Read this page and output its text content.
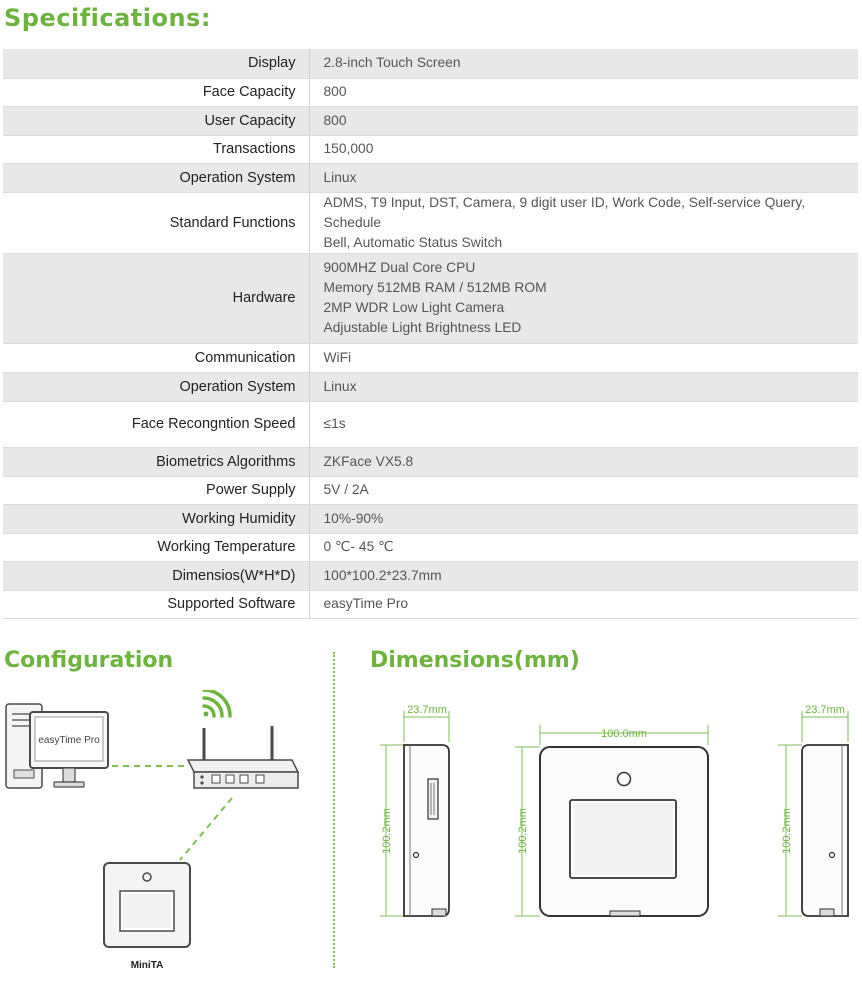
Specifications:
Display	2.8-inch Touch Screen

Face Capacity	800

User Capacity	800

Transactions	150,000

Operation System	Linux

Standard Functions	ADMS, T9 Input, DST, Camera, 9 digit user ID, Work Code, Self-service Query, Schedule
Bell, Automatic Status Switch

Hardware	900MHZ Dual Core CPU
Memory 512MB RAM / 512MB ROM
2MP WDR Low Light Camera
Adjustable Light Brightness LED

Communication	WiFi

Operation System	Linux

Face Recongntion Speed	≤1s

Biometrics Algorithms	ZKFace VX5.8

Power Supply	5V / 2A

Working Humidity	10%-90%

Working Temperature	0 ℃- 45 ℃

Dimensios(W*H*D)	100*100.2*23.7mm

Supported Software	easyTime Pro
Configuration	Dimensions(mm)
easyTime Pro
MiniTA
23.7mm
100.0mm
23.7mm
100.2mm	100.2mm	100.2mm
